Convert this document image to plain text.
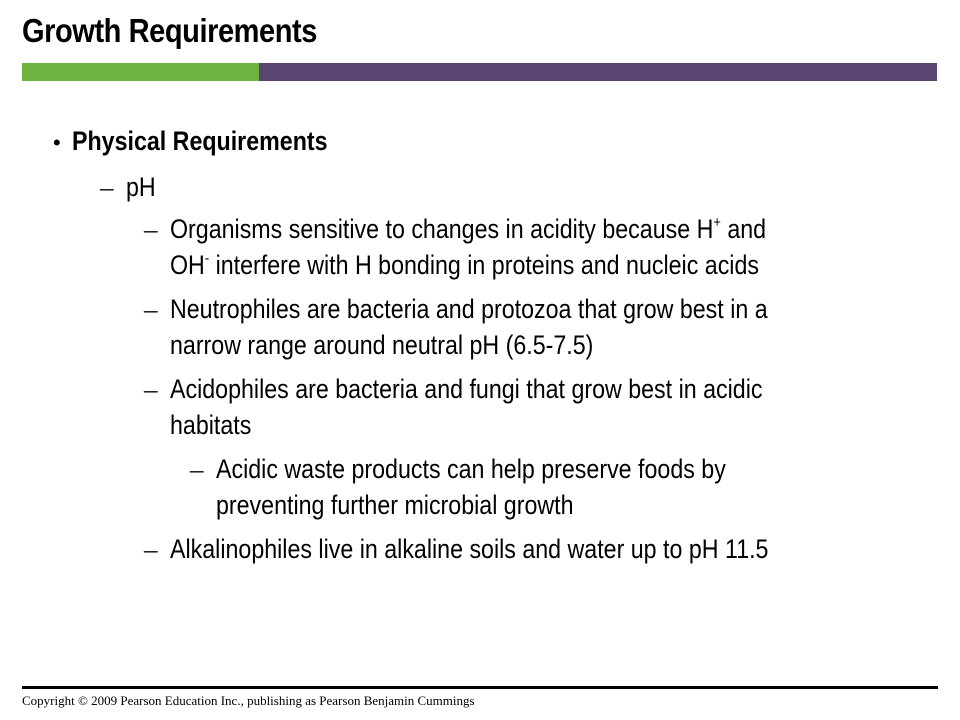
Growth Requirements
• Physical Requirements
– pH
– Organisms sensitive to changes in acidity because H+ and
OH- interfere with H bonding in proteins and nucleic acids
– Neutrophiles are bacteria and protozoa that grow best in a
narrow range around neutral pH (6.5-7.5)
– Acidophiles are bacteria and fungi that grow best in acidic
habitats
– Acidic waste products can help preserve foods by
preventing further microbial growth
– Alkalinophiles live in alkaline soils and water up to pH 11.5
Copyright © 2009 Pearson Education Inc., publishing as Pearson Benjamin Cummings
